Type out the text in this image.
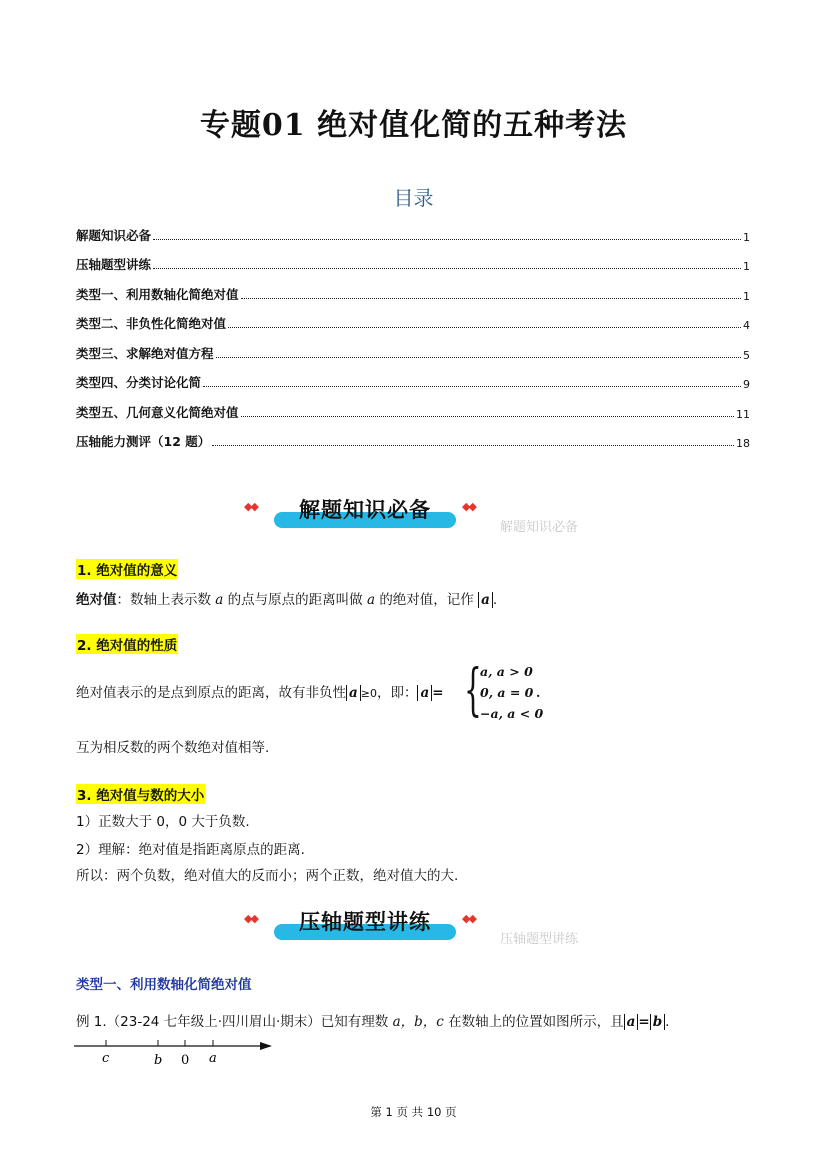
专题01 绝对值化简的五种考法
目录
解题知识必备	1
压轴题型讲练	1
类型一、利用数轴化简绝对值	1
类型二、非负性化简绝对值	4
类型三、求解绝对值方程	5
类型四、分类讨论化简	9
类型五、几何意义化简绝对值	11
压轴能力测评（12 题）	18
◆◆	解题知识必备	◆◆
解题知识必备
1. 绝对值的意义
绝对值：数轴上表示数 a 的点与原点的距离叫做 a 的绝对值，记作 a .
2. 绝对值的性质
绝对值表示的是点到原点的距离，故有非负性 a ≥0，即： a = {
a, a > 0
0, a = 0
−a, a < 0
.
互为相反数的两个数绝对值相等.
3. 绝对值与数的大小
1）正数大于 0，0 大于负数.
2）理解：绝对值是指距离原点的距离.
所以：两个负数，绝对值大的反而小；两个正数，绝对值大的大.
◆◆	压轴题型讲练	◆◆
压轴题型讲练
类型一、利用数轴化简绝对值
例 1.（23-24 七年级上·四川眉山·期末）已知有理数 a，b，c 在数轴上的位置如图所示，且 a = b .
c	b 0 a
第 1 页 共 10 页
